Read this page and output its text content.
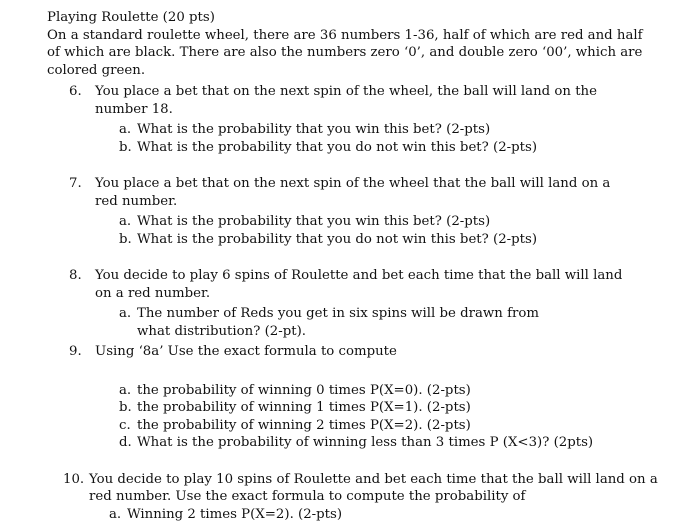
Playing Roulette (20 pts)

On a standard roulette wheel, there are 36 numbers 1-36, half of which are red and half of which are black. There are also the numbers zero ‘0’, and double zero ‘00’, which are colored green.

6.	You place a bet that on the next spin of the wheel, the ball will land on the number 18.
a. What is the probability that you win this bet? (2-pts)
b. What is the probability that you do not win this bet? (2-pts)
7.	You place a bet that on the next spin of the wheel that the ball will land on a red number.
a. What is the probability that you win this bet? (2-pts)
b. What is the probability that you do not win this bet? (2-pts)
8.	You decide to play 6 spins of Roulette and bet each time that the ball will land on a red number.
a. The number of Reds you get in six spins will be drawn from what distribution? (2-pt).
9.	Using ‘8a’ Use the exact formula to compute
a. the probability of winning 0 times P(X=0). (2-pts)
b. the probability of winning 1 times P(X=1). (2-pts)
c. the probability of winning 2 times P(X=2). (2-pts)
d. What is the probability of winning less than 3 times P (X<3)? (2pts)
10. You decide to play 10 spins of Roulette and bet each time that the ball will land on a red number. Use the exact formula to compute the probability of
a. Winning 2 times P(X=2). (2-pts)
